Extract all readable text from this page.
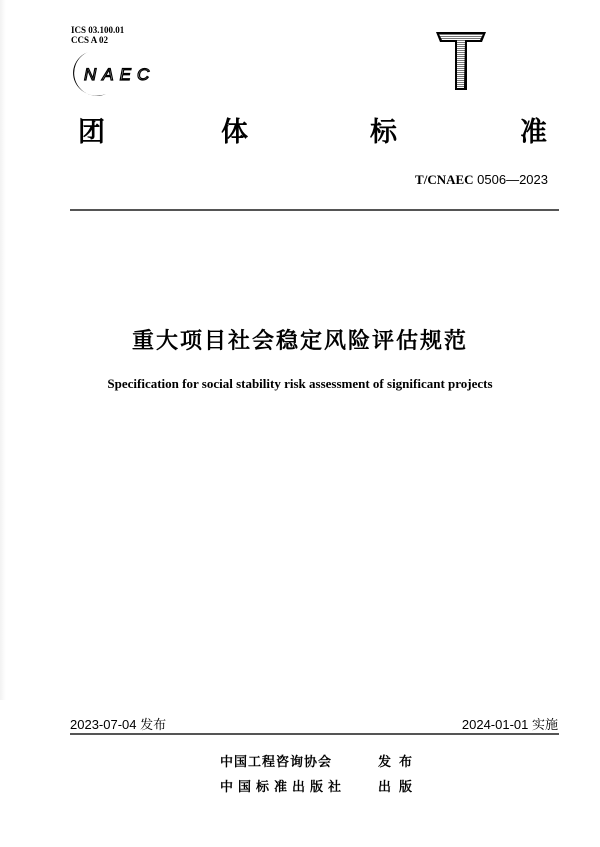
ICS 03.100.01
CCS A 02
NAEC
团	体	标	准
T/CNAEC 0506—2023
重大项目社会稳定风险评估规范
Specification for social stability risk assessment of significant projects
2023-07-04 发布	2024-01-01 实施
中国工程咨询协会	发布
中国标准出版社 出版
